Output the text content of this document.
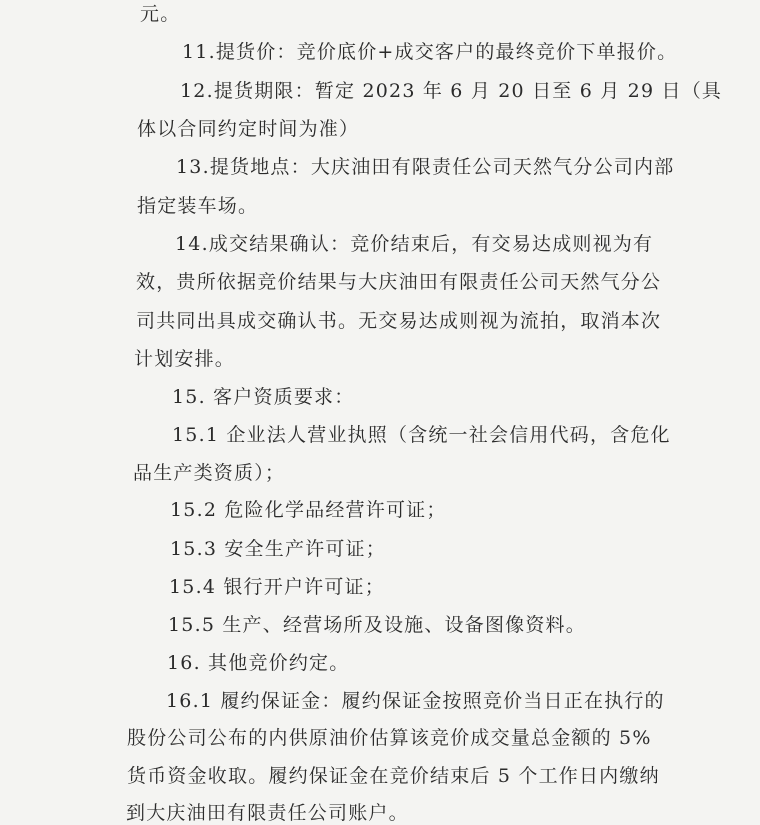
元。

11.提货价：竞价底价+成交客户的最终竞价下单报价。

12.提货期限：暂定 2023 年 6 月 20 日至 6 月 29 日（具

体以合同约定时间为准）

13.提货地点：大庆油田有限责任公司天然气分公司内部

指定装车场。

14.成交结果确认：竞价结束后，有交易达成则视为有

效，贵所依据竞价结果与大庆油田有限责任公司天然气分公

司共同出具成交确认书。无交易达成则视为流拍，取消本次

计划安排。

15. 客户资质要求：

15.1 企业法人营业执照（含统一社会信用代码，含危化

品生产类资质）；

15.2 危险化学品经营许可证；

15.3 安全生产许可证；

15.4 银行开户许可证；

15.5 生产、经营场所及设施、设备图像资料。

16. 其他竞价约定。

16.1 履约保证金：履约保证金按照竞价当日正在执行的

股份公司公布的内供原油价估算该竞价成交量总金额的 5%

货币资金收取。履约保证金在竞价结束后 5 个工作日内缴纳

到大庆油田有限责任公司账户。
